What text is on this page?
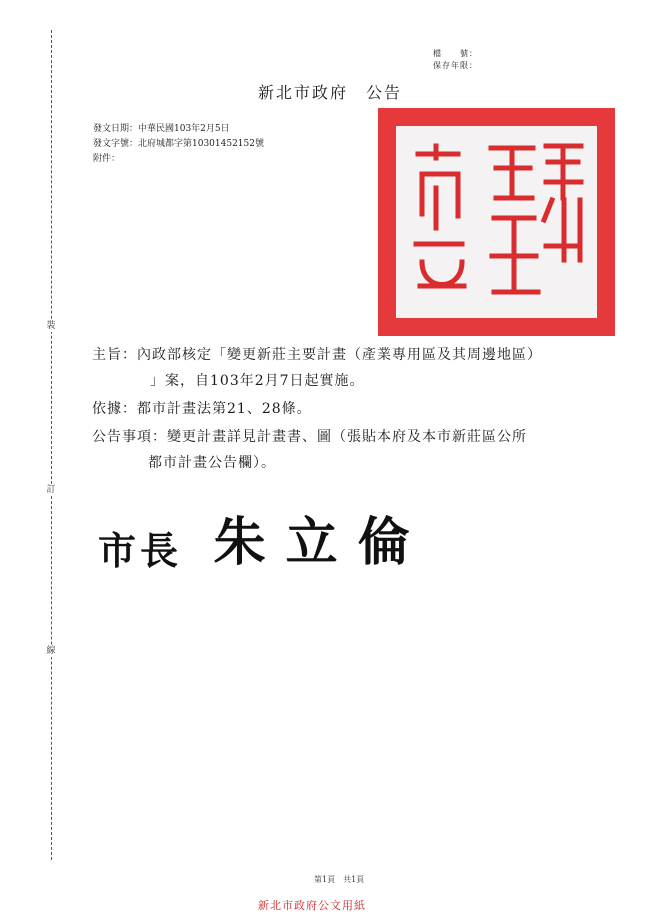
裝
訂
線
檔　　號：
保存年限：
新北市政府　公告
發文日期：中華民國103年2月5日
發文字號：北府城都字第10301452152號
附件：
主旨：內政部核定「變更新莊主要計畫（產業專用區及其周邊地區）
」案，自103年2月7日起實施。
依據：都市計畫法第21、28條。
公告事項：變更計畫詳見計畫書、圖（張貼本府及本市新莊區公所
都市計畫公告欄）。
市長 朱立倫
第1頁　共1頁
新北市政府公文用紙
